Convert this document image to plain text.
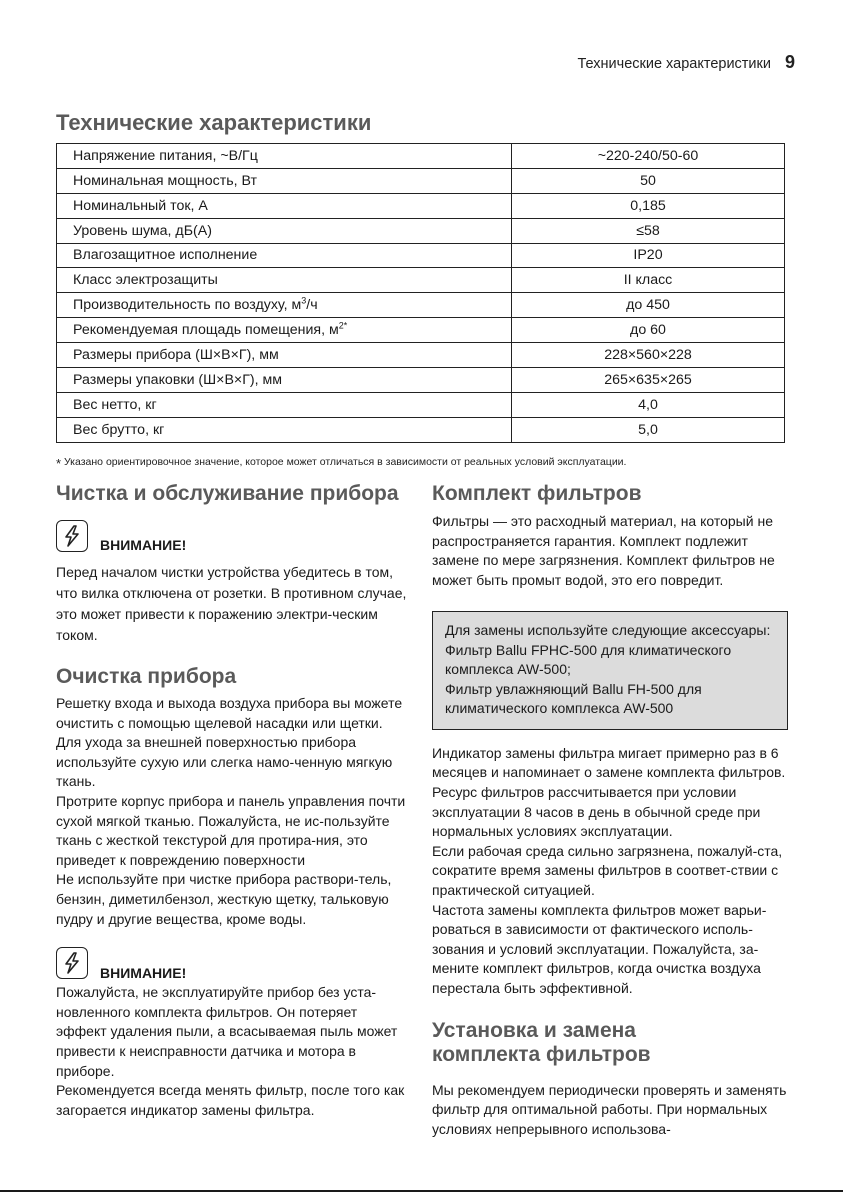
Технические характеристики 9
Технические характеристики
Напряжение питания, ~В/Гц	~220-240/50-60
Номинальная мощность, Вт	50
Номинальный ток, А	0,185
Уровень шума, дБ(А)	≤58
Влагозащитное исполнение	IP20
Класс электрозащиты	II класс
Производительность по воздуху, $м^3/ч$	до 450
Рекомендуемая площадь помещения, $м^{2*}$	до 60
Размеры прибора (Ш×В×Г), мм	228×560×228
Размеры упаковки (Ш×В×Г), мм	265×635×265
Вес нетто, кг	4,0
Вес брутто, кг	5,0
* Указано ориентировочное значение, которое может отличаться в зависимости от реальных условий эксплуатации.
Чистка и обслуживание прибора
ВНИМАНИЕ!

Перед началом чистки устройства убедитесь в том, что вилка отключена от розетки. В противном случае, это может привести к поражению электри-ческим током.

Очистка прибора

Решетку входа и выхода воздуха прибора вы можете очистить с помощью щелевой насадки или щетки. Для ухода за внешней поверхностью прибора используйте сухую или слегка намо-ченную мягкую ткань.

Протрите корпус прибора и панель управления почти сухой мягкой тканью. Пожалуйста, не ис-пользуйте ткань с жесткой текстурой для протира-ния, это приведет к повреждению поверхности

Не используйте при чистке прибора раствори-тель, бензин, диметилбензол, жесткую щетку, тальковую пудру и другие вещества, кроме воды.

ВНИМАНИЕ!

Пожалуйста, не эксплуатируйте прибор без уста-новленного комплекта фильтров. Он потеряет эффект удаления пыли, а всасываемая пыль может привести к неисправности датчика и мотора в приборе.

Рекомендуется всегда менять фильтр, после того как загорается индикатор замены фильтра.

Комплект фильтров

Фильтры — это расходный материал, на который не распространяется гарантия. Комплект подлежит замене по мере загрязнения. Комплект фильтров не может быть промыт водой, это его повредит.

Для замены используйте следующие аксессуары:
Фильтр Ballu FPHC-500 для климатического комплекса AW-500;
Фильтр увлажняющий Ballu FH-500 для климатического комплекса AW-500

Индикатор замены фильтра мигает примерно раз в 6 месяцев и напоминает о замене комплекта фильтров. Ресурс фильтров рассчитывается при условии эксплуатации 8 часов в день в обычной среде при нормальных условиях эксплуатации.

Если рабочая среда сильно загрязнена, пожалуй-ста, сократите время замены фильтров в соответ-ствии с практической ситуацией.

Частота замены комплекта фильтров может варьи-роваться в зависимости от фактического исполь-зования и условий эксплуатации. Пожалуйста, за-мените комплект фильтров, когда очистка воздуха перестала быть эффективной.

Установка и замена
комплекта фильтров

Мы рекомендуем периодически проверять и заменять фильтр для оптимальной работы. При нормальных условиях непрерывного использова-
